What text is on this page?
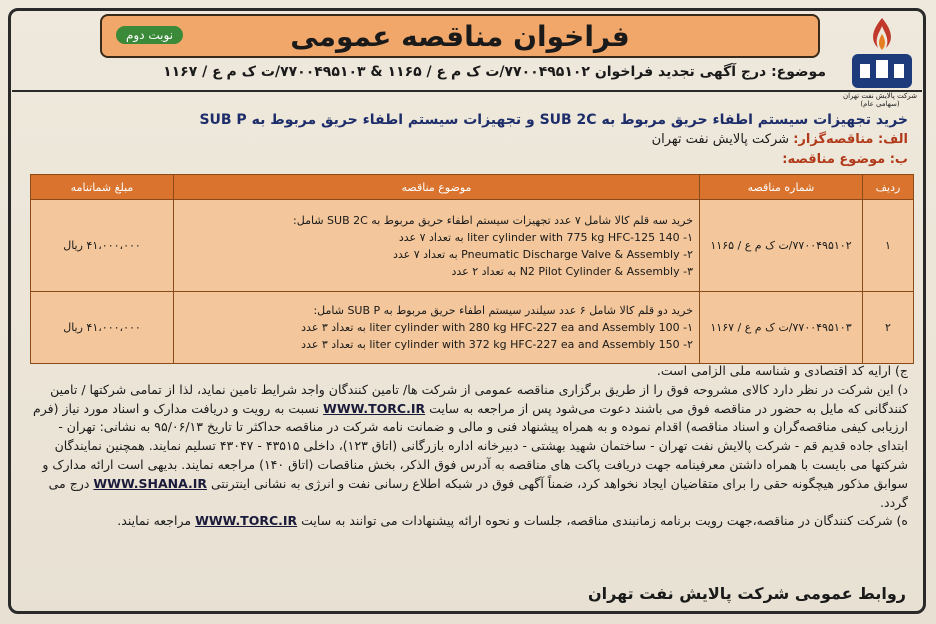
فراخوان مناقصه عمومی
نوبت دوم
شرکت پالایش نفت تهران (سهامی عام)
موضوع: درج آگهی تجدید فراخوان ۷۷۰۰۴۹۵۱۰۲/ت ک م ع / ۱۱۶۵ & ۷۷۰۰۴۹۵۱۰۳/ت ک م ع / ۱۱۶۷
خرید تجهیزات سیستم اطفاء حریق مربوط به SUB 2C و تجهیزات سیستم اطفاء حریق مربوط به SUB P
الف: مناقصه‌گزار: شرکت پالایش نفت تهران
ب: موضوع مناقصه:
ردیف	شماره مناقصه	موضوع مناقصه	مبلغ شماتنامه
۱	۷۷۰۰۴۹۵۱۰۲/ت ک م ع / ۱۱۶۵	خرید سه قلم کالا شامل ۷ عدد تجهیزات سیستم اطفاء حریق مربوط به SUB 2C شامل:
۱- 140 liter cylinder with 775 kg HFC-125 به تعداد ۷ عدد
۲- Pneumatic Discharge Valve & Assembly به تعداد ۷ عدد
۳- N2 Pilot Cylinder & Assembly به تعداد ۲ عدد	۴۱،۰۰۰،۰۰۰ ریال
۲	۷۷۰۰۴۹۵۱۰۳/ت ک م ع / ۱۱۶۷	خرید دو قلم کالا شامل ۶ عدد سیلندر سیستم اطفاء حریق مربوط به SUB P شامل:
۱- 100 liter cylinder with 280 kg HFC-227 ea and Assembly به تعداد ۳ عدد
۲- 150 liter cylinder with 372 kg HFC-227 ea and Assembly به تعداد ۳ عدد	۴۱،۰۰۰،۰۰۰ ریال

ج) ارایه کد اقتصادی و شناسه ملی الزامی است.

د) این شرکت در نظر دارد کالای مشروحه فوق را از طریق برگزاری مناقصه عمومی از شرکت ها/ تامین کنندگان واجد شرایط تامین نماید، لذا از تمامی شرکتها / تامین کنندگانی که مایل به حضور در مناقصه فوق می باشند دعوت می‌شود پس از مراجعه به سایت WWW.TORC.IR نسبت به رویت و دریافت مدارک و اسناد مورد نیاز (فرم ارزیابی کیفی مناقصه‌گران و اسناد مناقصه) اقدام نموده و به همراه پیشنهاد فنی و مالی و ضمانت نامه شرکت در مناقصه حداکثر تا تاریخ ۹۵/۰۶/۱۳ به نشانی: تهران - ابتدای جاده قدیم قم - شرکت پالایش نفت تهران - ساختمان شهید بهشتی - دبیرخانه اداره بازرگانی (اتاق ۱۲۳)، داخلی ۴۳۵۱۵ - ۴۳۰۴۷ تسلیم نمایند. همچنین نمایندگان شرکتها می بایست با همراه داشتن معرفینامه جهت دریافت پاکت های مناقصه به آدرس فوق الذکر، بخش مناقصات (اتاق ۱۴۰) مراجعه نمایند. بدیهی است ارائه مدارک و سوابق مذکور هیچگونه حقی را برای متقاضیان ایجاد نخواهد کرد، ضمناً آگهی فوق در شبکه اطلاع رسانی نفت و انرژی به نشانی اینترنتی WWW.SHANA.IR درج می گردد.

ه) شرکت کنندگان در مناقصه،جهت رویت برنامه زمانبندی مناقصه، جلسات و نحوه ارائه پیشنهادات می توانند به سایت WWW.TORC.IR مراجعه نمایند.

روابط عمومی شرکت پالایش نفت تهران
